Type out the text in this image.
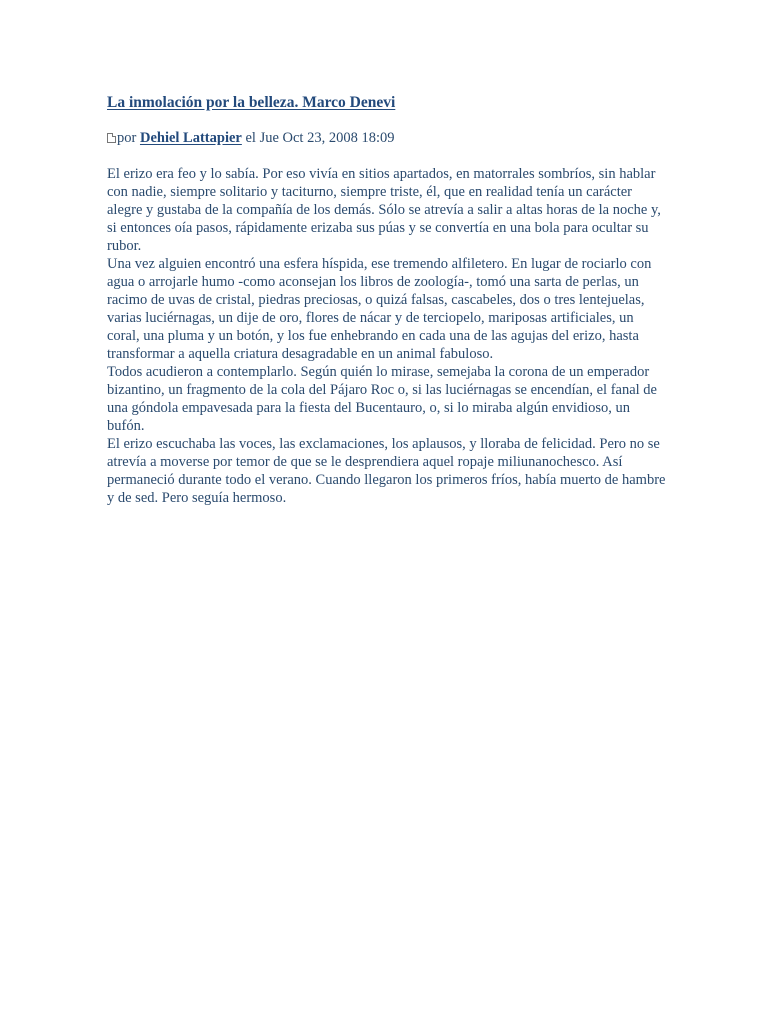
La inmolación por la belleza. Marco Denevi
por Dehiel Lattapier el Jue Oct 23, 2008 18:09

El erizo era feo y lo sabía. Por eso vivía en sitios apartados, en matorrales sombríos, sin hablar con nadie, siempre solitario y taciturno, siempre triste, él, que en realidad tenía un carácter alegre y gustaba de la compañía de los demás. Sólo se atrevía a salir a altas horas de la noche y, si entonces oía pasos, rápidamente erizaba sus púas y se convertía en una bola para ocultar su rubor.

Una vez alguien encontró una esfera híspida, ese tremendo alfiletero. En lugar de rociarlo con agua o arrojarle humo -como aconsejan los libros de zoología-, tomó una sarta de perlas, un racimo de uvas de cristal, piedras preciosas, o quizá falsas, cascabeles, dos o tres lentejuelas, varias luciérnagas, un dije de oro, flores de nácar y de terciopelo, mariposas artificiales, un coral, una pluma y un botón, y los fue enhebrando en cada una de las agujas del erizo, hasta transformar a aquella criatura desagradable en un animal fabuloso.

Todos acudieron a contemplarlo. Según quién lo mirase, semejaba la corona de un emperador bizantino, un fragmento de la cola del Pájaro Roc o, si las luciérnagas se encendían, el fanal de una góndola empavesada para la fiesta del Bucentauro, o, si lo miraba algún envidioso, un bufón.

El erizo escuchaba las voces, las exclamaciones, los aplausos, y lloraba de felicidad. Pero no se atrevía a moverse por temor de que se le desprendiera aquel ropaje miliunanochesco. Así permaneció durante todo el verano. Cuando llegaron los primeros fríos, había muerto de hambre y de sed. Pero seguía hermoso.
